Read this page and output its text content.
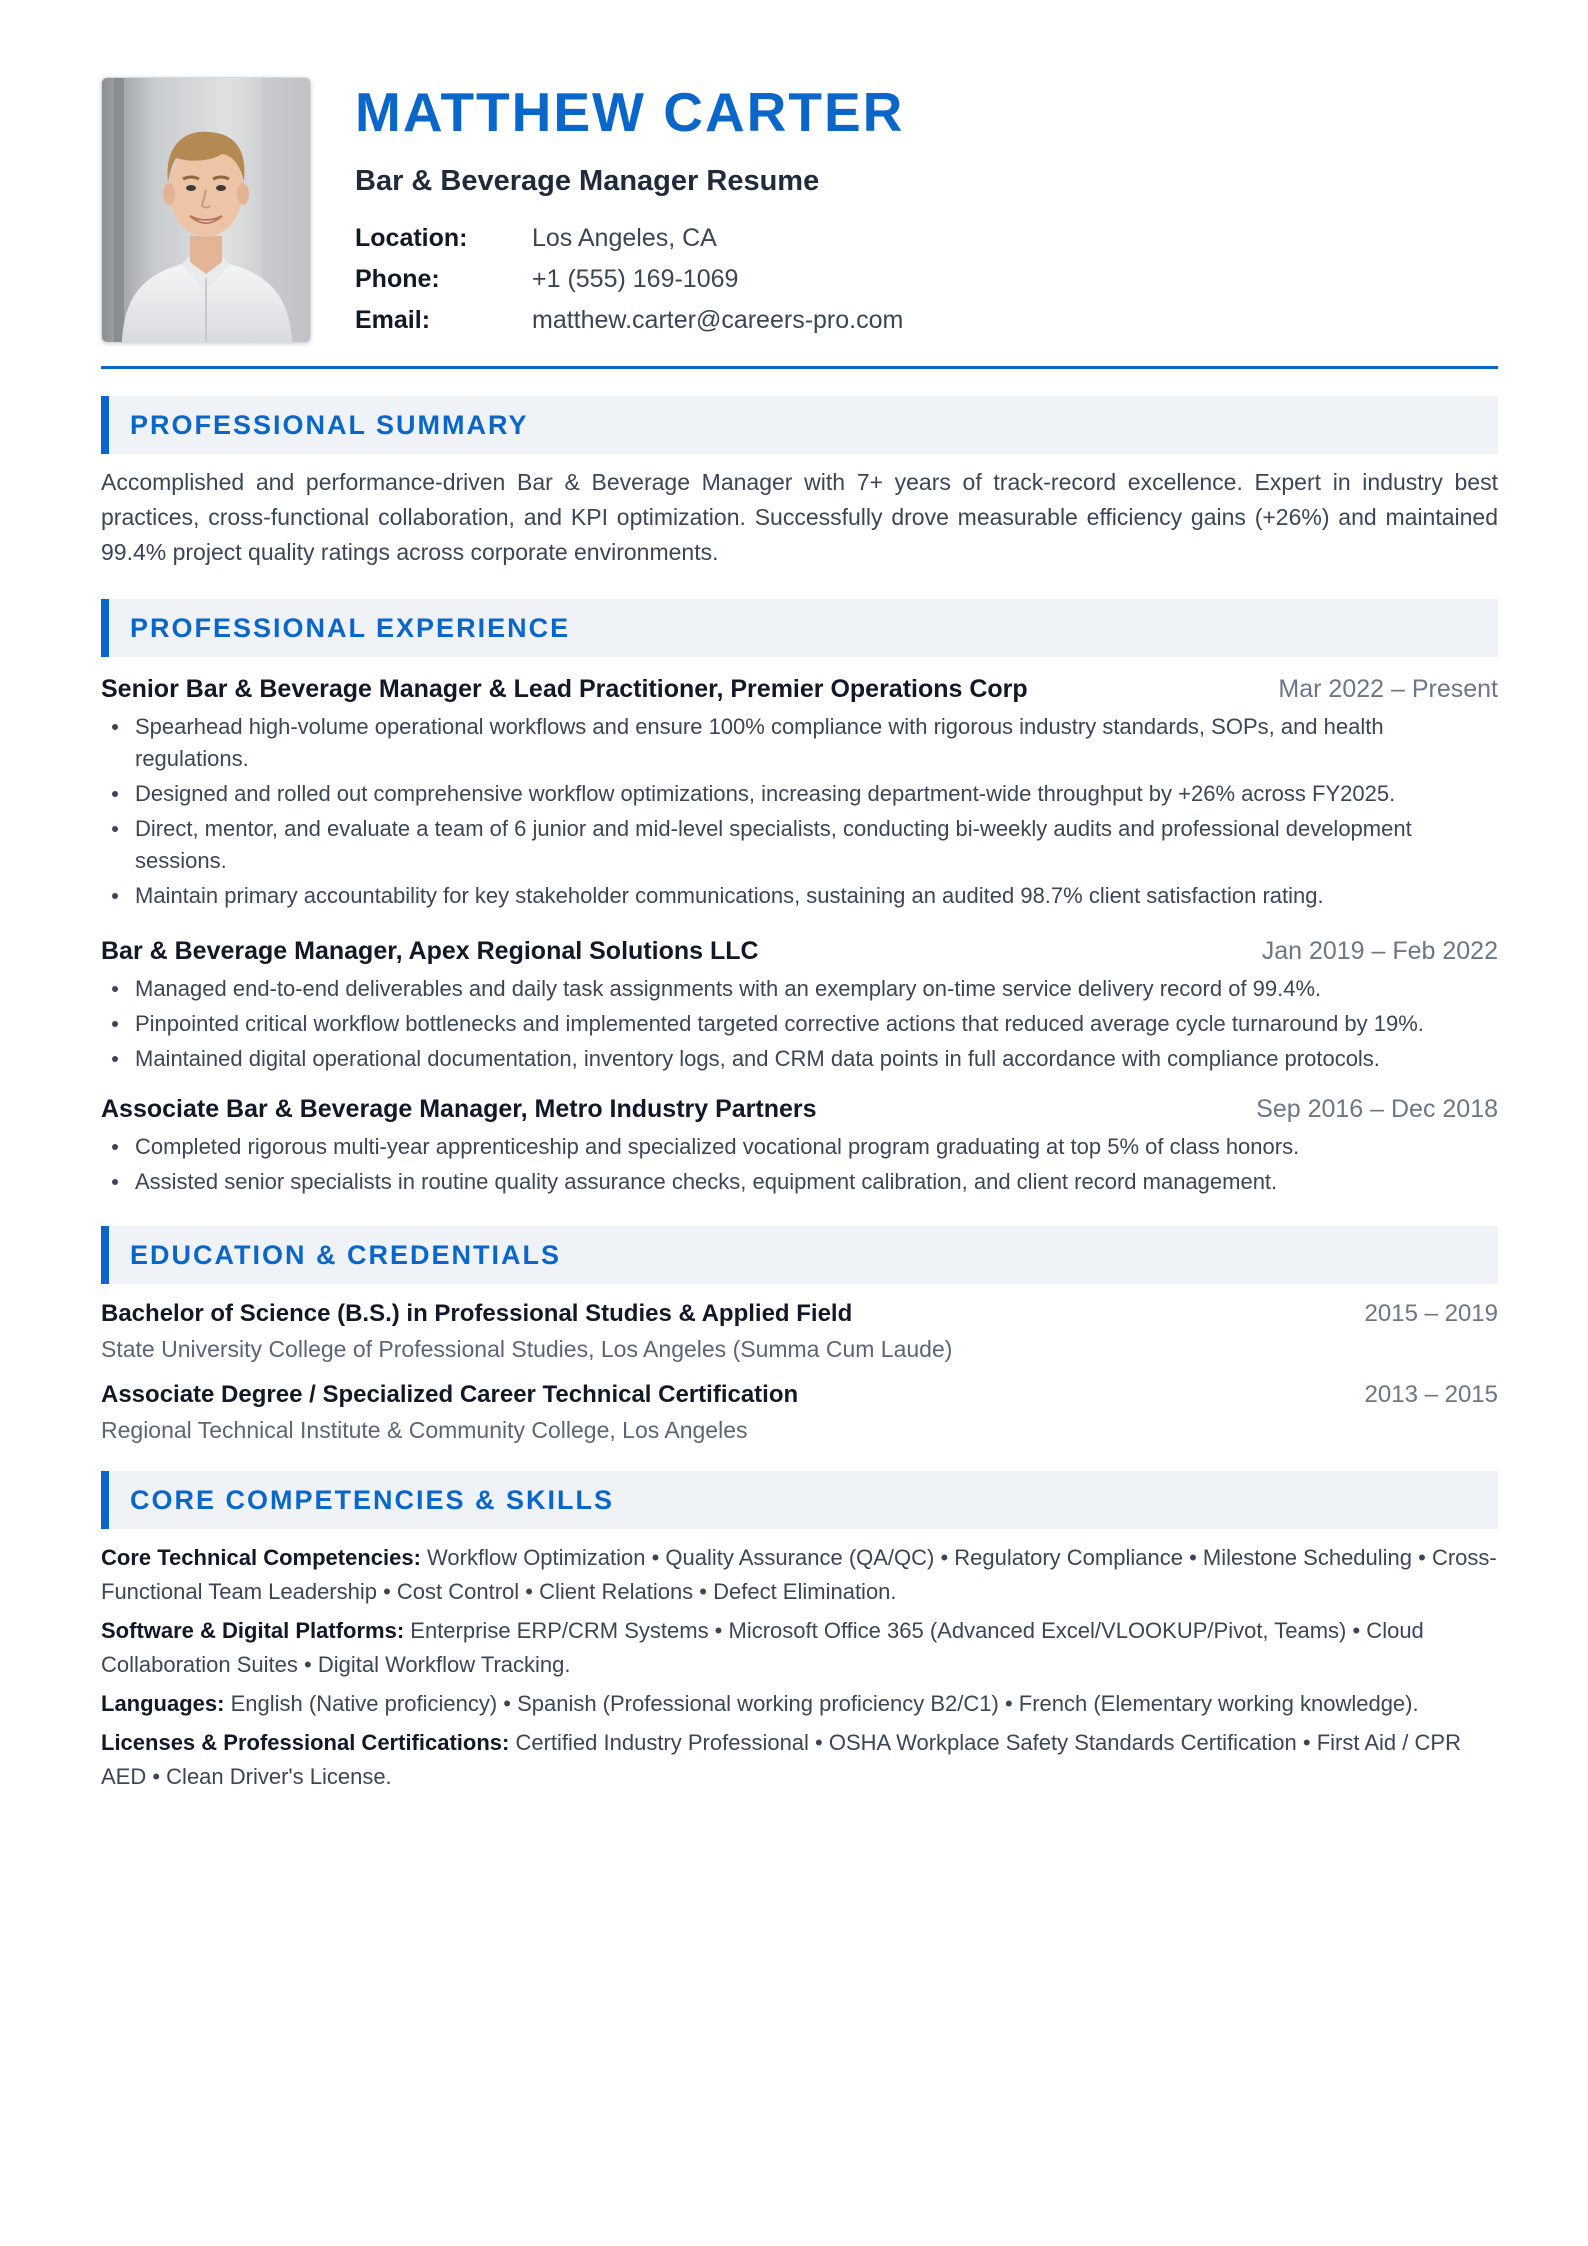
MATTHEW CARTER
Bar & Beverage Manager Resume
Location:	Los Angeles, CA
Phone:	+1 (555) 169-1069
Email:	matthew.carter@careers-pro.com
PROFESSIONAL SUMMARY

Accomplished and performance-driven Bar & Beverage Manager with 7+ years of track-record excellence. Expert in industry best practices, cross-functional collaboration, and KPI optimization. Successfully drove measurable efficiency gains (+26%) and maintained 99.4% project quality ratings across corporate environments.

PROFESSIONAL EXPERIENCE
Senior Bar & Beverage Manager & Lead Practitioner, Premier Operations Corp	Mar 2022 – Present
Spearhead high-volume operational workflows and ensure 100% compliance with rigorous industry standards, SOPs, and health regulations.
Designed and rolled out comprehensive workflow optimizations, increasing department-wide throughput by +26% across FY2025.
Direct, mentor, and evaluate a team of 6 junior and mid-level specialists, conducting bi-weekly audits and professional development sessions.
Maintain primary accountability for key stakeholder communications, sustaining an audited 98.7% client satisfaction rating.
Bar & Beverage Manager, Apex Regional Solutions LLC	Jan 2019 – Feb 2022
Managed end-to-end deliverables and daily task assignments with an exemplary on-time service delivery record of 99.4%.
Pinpointed critical workflow bottlenecks and implemented targeted corrective actions that reduced average cycle turnaround by 19%.
Maintained digital operational documentation, inventory logs, and CRM data points in full accordance with compliance protocols.
Associate Bar & Beverage Manager, Metro Industry Partners	Sep 2016 – Dec 2018
Completed rigorous multi-year apprenticeship and specialized vocational program graduating at top 5% of class honors.
Assisted senior specialists in routine quality assurance checks, equipment calibration, and client record management.
EDUCATION & CREDENTIALS
Bachelor of Science (B.S.) in Professional Studies & Applied Field	2015 – 2019
State University College of Professional Studies, Los Angeles (Summa Cum Laude)
Associate Degree / Specialized Career Technical Certification	2013 – 2015
Regional Technical Institute & Community College, Los Angeles
CORE COMPETENCIES & SKILLS

Core Technical Competencies: Workflow Optimization • Quality Assurance (QA/QC) • Regulatory Compliance • Milestone Scheduling • Cross-Functional Team Leadership • Cost Control • Client Relations • Defect Elimination.

Software & Digital Platforms: Enterprise ERP/CRM Systems • Microsoft Office 365 (Advanced Excel/VLOOKUP/Pivot, Teams) • Cloud Collaboration Suites • Digital Workflow Tracking.

Languages: English (Native proficiency) • Spanish (Professional working proficiency B2/C1) • French (Elementary working knowledge).

Licenses & Professional Certifications: Certified Industry Professional • OSHA Workplace Safety Standards Certification • First Aid / CPR AED • Clean Driver's License.
